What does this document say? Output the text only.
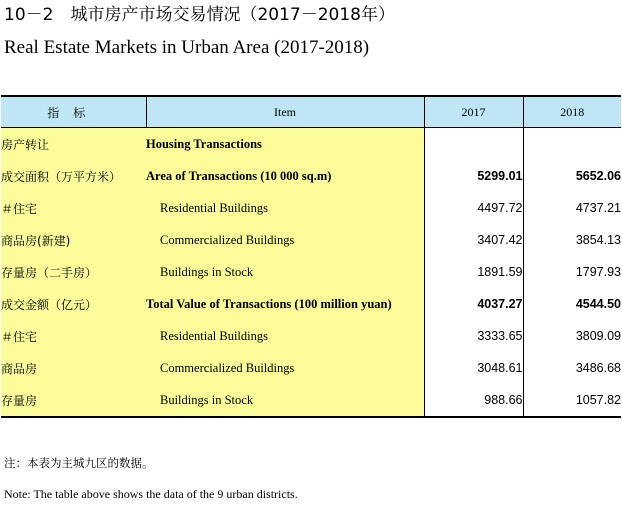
10－2　城市房产市场交易情况（2017－2018年）
Real Estate Markets in Urban Area (2017-2018)
指标	Item	2017	2018
房产转让	Housing Transactions		
成交面积（万平方米）	Area of Transactions (10 000 sq.m)	5299.01	5652.06
＃住宅	Residential Buildings	4497.72	4737.21
商品房(新建)	Commercialized Buildings	3407.42	3854.13
存量房（二手房）	Buildings in Stock	1891.59	1797.93
成交金额（亿元）	Total Value of Transactions (100 million yuan)	4037.27	4544.50
＃住宅	Residential Buildings	3333.65	3809.09
商品房	Commercialized Buildings	3048.61	3486.68
存量房	Buildings in Stock	988.66	1057.82
注：本表为主城九区的数据。
Note: The table above shows the data of the 9 urban districts.
